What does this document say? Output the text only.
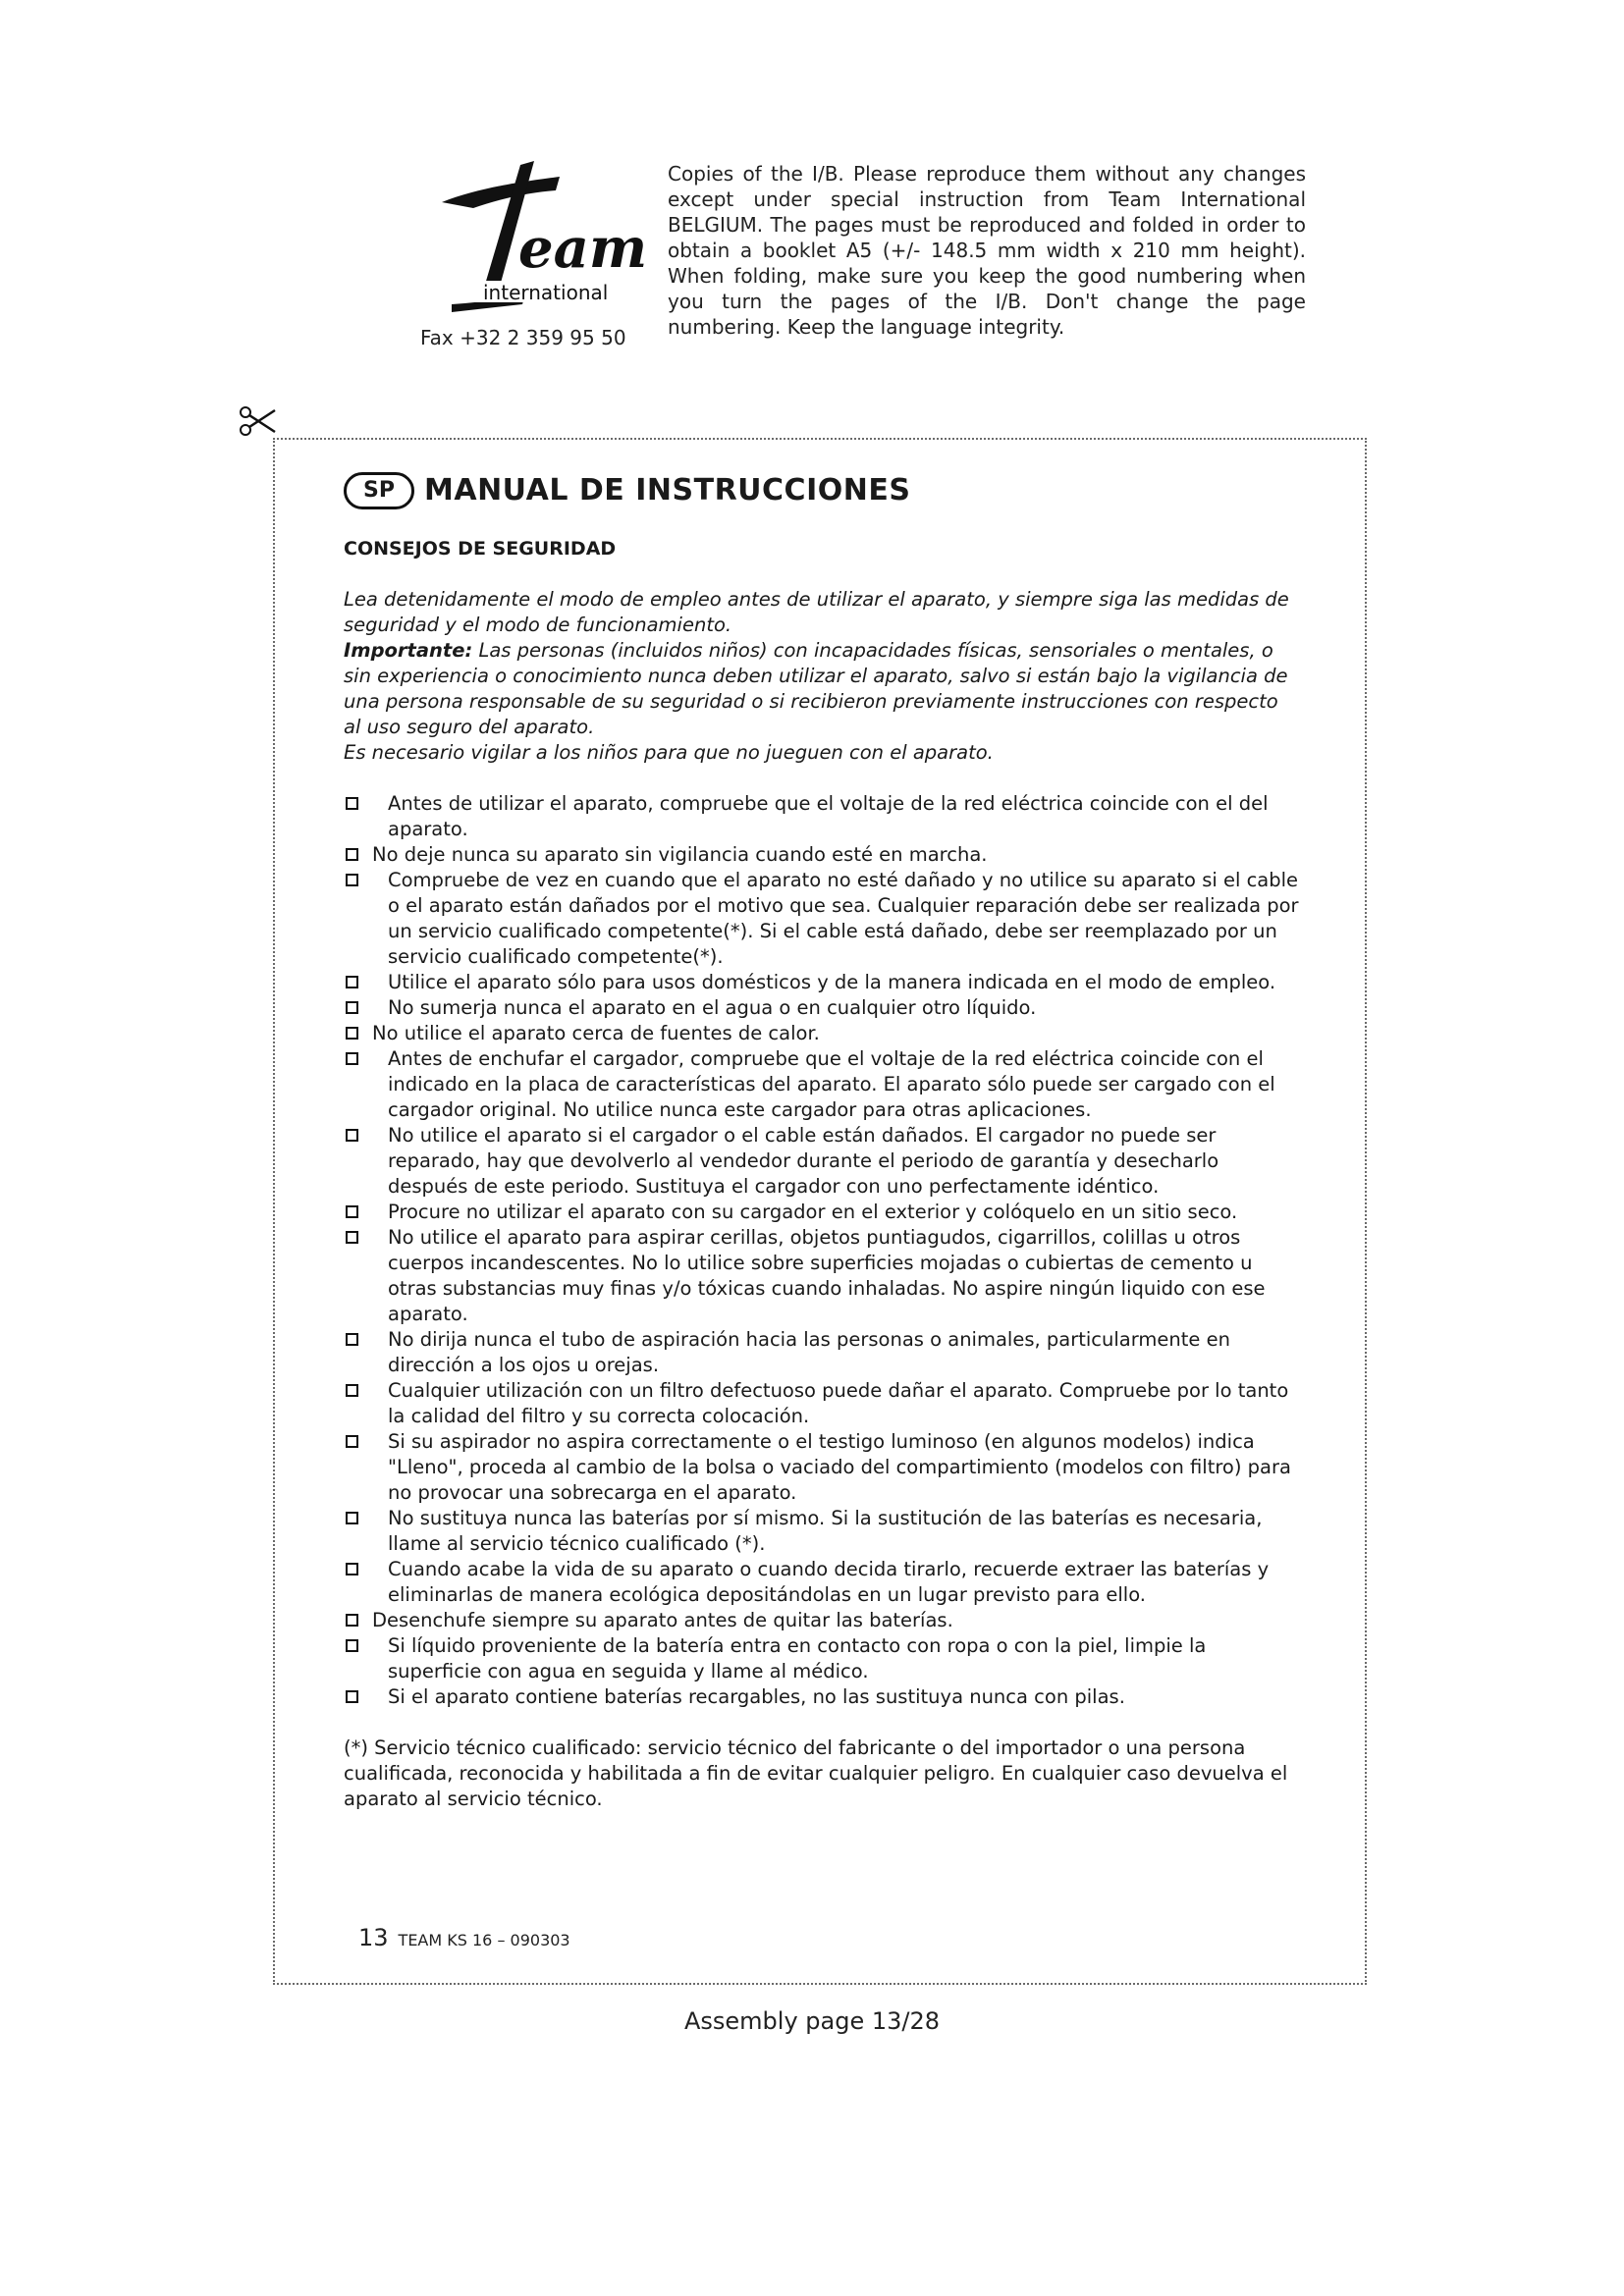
eam
international
Fax +32 2 359 95 50
Copies of the I/B. Please reproduce them without any changes except under special instruction from Team International BELGIUM. The pages must be reproduced and folded in order to obtain a booklet A5 (+/- 148.5 mm width x 210 mm height). When folding, make sure you keep the good numbering when you turn the pages of the I/B. Don't change the page numbering. Keep the language integrity.
SP	MANUAL DE INSTRUCCIONES
CONSEJOS DE SEGURIDAD

Lea detenidamente el modo de empleo antes de utilizar el aparato, y siempre siga las medidas de seguridad y el modo de funcionamiento.

Importante: Las personas (incluidos niños) con incapacidades físicas, sensoriales o mentales, o sin experiencia o conocimiento nunca deben utilizar el aparato, salvo si están bajo la vigilancia de una persona responsable de su seguridad o si recibieron previamente instrucciones con respecto al uso seguro del aparato.

Es necesario vigilar a los niños para que no jueguen con el aparato.

Antes de utilizar el aparato, compruebe que el voltaje de la red eléctrica coincide con el del aparato.
No deje nunca su aparato sin vigilancia cuando esté en marcha.
Compruebe de vez en cuando que el aparato no esté dañado y no utilice su aparato si el cable o el aparato están dañados por el motivo que sea. Cualquier reparación debe ser realizada por un servicio cualificado competente(*). Si el cable está dañado, debe ser reemplazado por un servicio cualificado competente(*).
Utilice el aparato sólo para usos domésticos y de la manera indicada en el modo de empleo.
No sumerja nunca el aparato en el agua o en cualquier otro líquido.
No utilice el aparato cerca de fuentes de calor.
Antes de enchufar el cargador, compruebe que el voltaje de la red eléctrica coincide con el indicado en la placa de características del aparato. El aparato sólo puede ser cargado con el cargador original. No utilice nunca este cargador para otras aplicaciones.
No utilice el aparato si el cargador o el cable están dañados. El cargador no puede ser reparado, hay que devolverlo al vendedor durante el periodo de garantía y desecharlo después de este periodo. Sustituya el cargador con uno perfectamente idéntico.
Procure no utilizar el aparato con su cargador en el exterior y colóquelo en un sitio seco.
No utilice el aparato para aspirar cerillas, objetos puntiagudos, cigarrillos, colillas u otros cuerpos incandescentes. No lo utilice sobre superficies mojadas o cubiertas de cemento u otras substancias muy finas y/o tóxicas cuando inhaladas. No aspire ningún liquido con ese aparato.
No dirija nunca el tubo de aspiración hacia las personas o animales, particularmente en dirección a los ojos u orejas.
Cualquier utilización con un filtro defectuoso puede dañar el aparato. Compruebe por lo tanto la calidad del filtro y su correcta colocación.
Si su aspirador no aspira correctamente o el testigo luminoso (en algunos modelos) indica "Lleno", proceda al cambio de la bolsa o vaciado del compartimiento (modelos con filtro) para no provocar una sobrecarga en el aparato.
No sustituya nunca las baterías por sí mismo. Si la sustitución de las baterías es necesaria, llame al servicio técnico cualificado (*).
Cuando acabe la vida de su aparato o cuando decida tirarlo, recuerde extraer las baterías y eliminarlas de manera ecológica depositándolas en un lugar previsto para ello.
Desenchufe siempre su aparato antes de quitar las baterías.
Si líquido proveniente de la batería entra en contacto con ropa o con la piel, limpie la superficie con agua en seguida y llame al médico.
Si el aparato contiene baterías recargables, no las sustituya nunca con pilas.
(*) Servicio técnico cualificado: servicio técnico del fabricante o del importador o una persona cualificada, reconocida y habilitada a fin de evitar cualquier peligro. En cualquier caso devuelva el aparato al servicio técnico.
13 TEAM KS 16 – 090303
Assembly page 13/28
